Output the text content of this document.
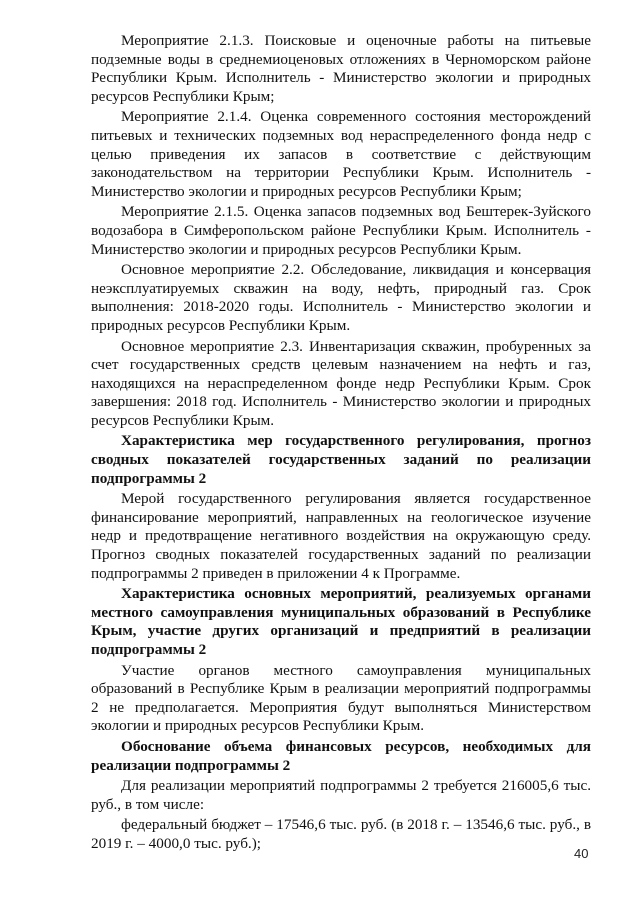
Мероприятие 2.1.3. Поисковые и оценочные работы на питьевые подземные воды в среднемиоценовых отложениях в Черноморском районе Республики Крым. Исполнитель - Министерство экологии и природных ресурсов Республики Крым;

Мероприятие 2.1.4. Оценка современного состояния месторождений питьевых и технических подземных вод нераспределенного фонда недр с целью приведения их запасов в соответствие с действующим законодательством на территории Республики Крым. Исполнитель - Министерство экологии и природных ресурсов Республики Крым;

Мероприятие 2.1.5. Оценка запасов подземных вод Бештерек-Зуйского водозабора в Симферопольском районе Республики Крым. Исполнитель - Министерство экологии и природных ресурсов Республики Крым.

Основное мероприятие 2.2. Обследование, ликвидация и консервация неэксплуатируемых скважин на воду, нефть, природный газ. Срок выполнения: 2018-2020 годы. Исполнитель - Министерство экологии и природных ресурсов Республики Крым.

Основное мероприятие 2.3. Инвентаризация скважин, пробуренных за счет государственных средств целевым назначением на нефть и газ, находящихся на нераспределенном фонде недр Республики Крым. Срок завершения: 2018 год. Исполнитель - Министерство экологии и природных ресурсов Республики Крым.

Характеристика мер государственного регулирования, прогноз сводных показателей государственных заданий по реализации подпрограммы 2

Мерой государственного регулирования является государственное финансирование мероприятий, направленных на геологическое изучение недр и предотвращение негативного воздействия на окружающую среду. Прогноз сводных показателей государственных заданий по реализации подпрограммы 2 приведен в приложении 4 к Программе.

Характеристика основных мероприятий, реализуемых органами местного самоуправления муниципальных образований в Республике Крым, участие других организаций и предприятий в реализации подпрограммы 2

Участие органов местного самоуправления муниципальных образований в Республике Крым в реализации мероприятий подпрограммы 2 не предполагается. Мероприятия будут выполняться Министерством экологии и природных ресурсов Республики Крым.

Обоснование объема финансовых ресурсов, необходимых для реализации подпрограммы 2

Для реализации мероприятий подпрограммы 2 требуется 216005,6 тыс. руб., в том числе:

федеральный бюджет – 17546,6 тыс. руб. (в 2018 г. – 13546,6 тыс. руб., в 2019 г. – 4000,0 тыс. руб.);

40
